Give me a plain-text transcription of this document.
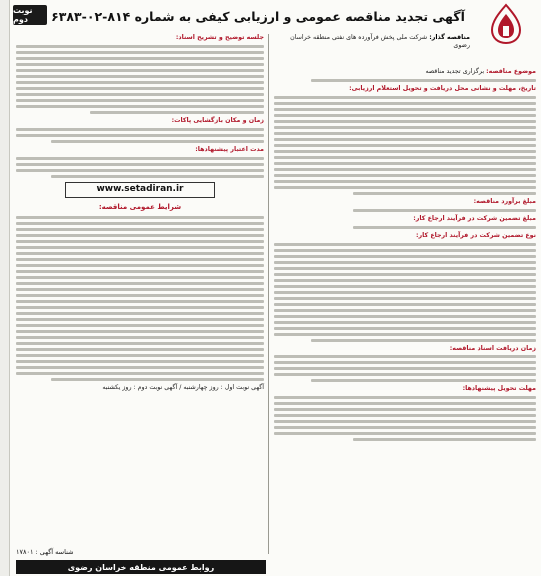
نوبت دوم	آگهی تجدید مناقصه عمومی و ارزیابی کیفی به شماره ۸۱۴-۰۲-۶۳۸۳
مناقصه گذار: شرکت ملی پخش فرآورده های نفتی منطقه خراسان رضوی
موضوع مناقصه: برگزاری تجدید مناقصه
تاریخ، مهلت و نشانی محل دریافت و تحویل استعلام ارزیابی:
مبلغ برآورد مناقصه:
مبلغ تضمین شرکت در فرآیند ارجاع کار:
نوع تضمین شرکت در فرآیند ارجاع کار:
زمان دریافت اسناد مناقصه:
مهلت تحویل پیشنهادها:
جلسه توضیح و تشریح اسناد:
زمان و مکان بازگشایی پاکات:
مدت اعتبار پیشنهادها:
www.setadiran.ir
شرایط عمومی مناقصه:
آگهی نوبت اول : روز چهارشنبه / آگهی نوبت دوم : روز یکشنبه
شناسه آگهی : ۱۷۸۰۱
روابط عمومی منطقه خراسان رضوی
